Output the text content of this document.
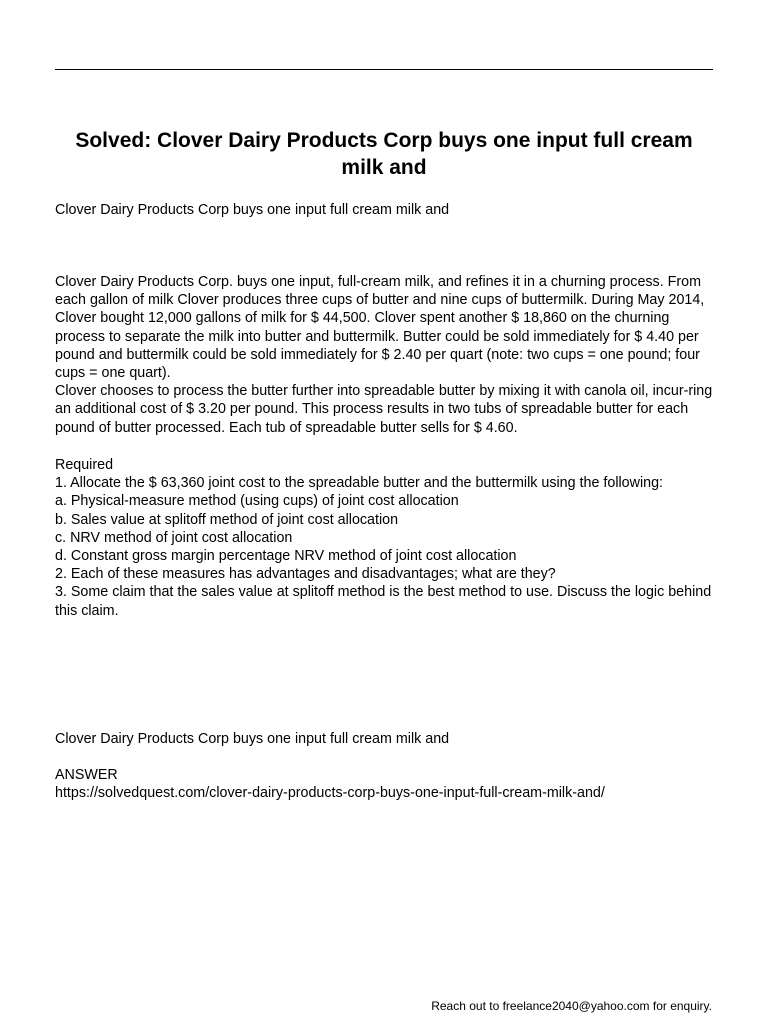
Solved: Clover Dairy Products Corp buys one input full cream milk and

Clover Dairy Products Corp buys one input full cream milk and

Clover Dairy Products Corp. buys one input, full-cream milk, and refines it in a churning process. From each gallon of milk Clover produces three cups of butter and nine cups of buttermilk. During May 2014, Clover bought 12,000 gallons of milk for $ 44,500. Clover spent another $ 18,860 on the churning process to separate the milk into butter and buttermilk. Butter could be sold immediately for $ 4.40 per pound and buttermilk could be sold immediately for $ 2.40 per quart (note: two cups = one pound; four cups = one quart).

Clover chooses to process the butter further into spreadable butter by mixing it with canola oil, incur-ring an additional cost of $ 3.20 per pound. This process results in two tubs of spreadable butter for each pound of butter processed. Each tub of spreadable butter sells for $ 4.60.

Required
1. Allocate the $ 63,360 joint cost to the spreadable butter and the buttermilk using the following:
a. Physical-measure method (using cups) of joint cost allocation
b. Sales value at splitoff method of joint cost allocation
c. NRV method of joint cost allocation
d. Constant gross margin percentage NRV method of joint cost allocation
2. Each of these measures has advantages and disadvantages; what are they?
3. Some claim that the sales value at splitoff method is the best method to use. Discuss the logic behind this claim.

Clover Dairy Products Corp buys one input full cream milk and

ANSWER

https://solvedquest.com/clover-dairy-products-corp-buys-one-input-full-cream-milk-and/

Reach out to freelance2040@yahoo.com for enquiry.
